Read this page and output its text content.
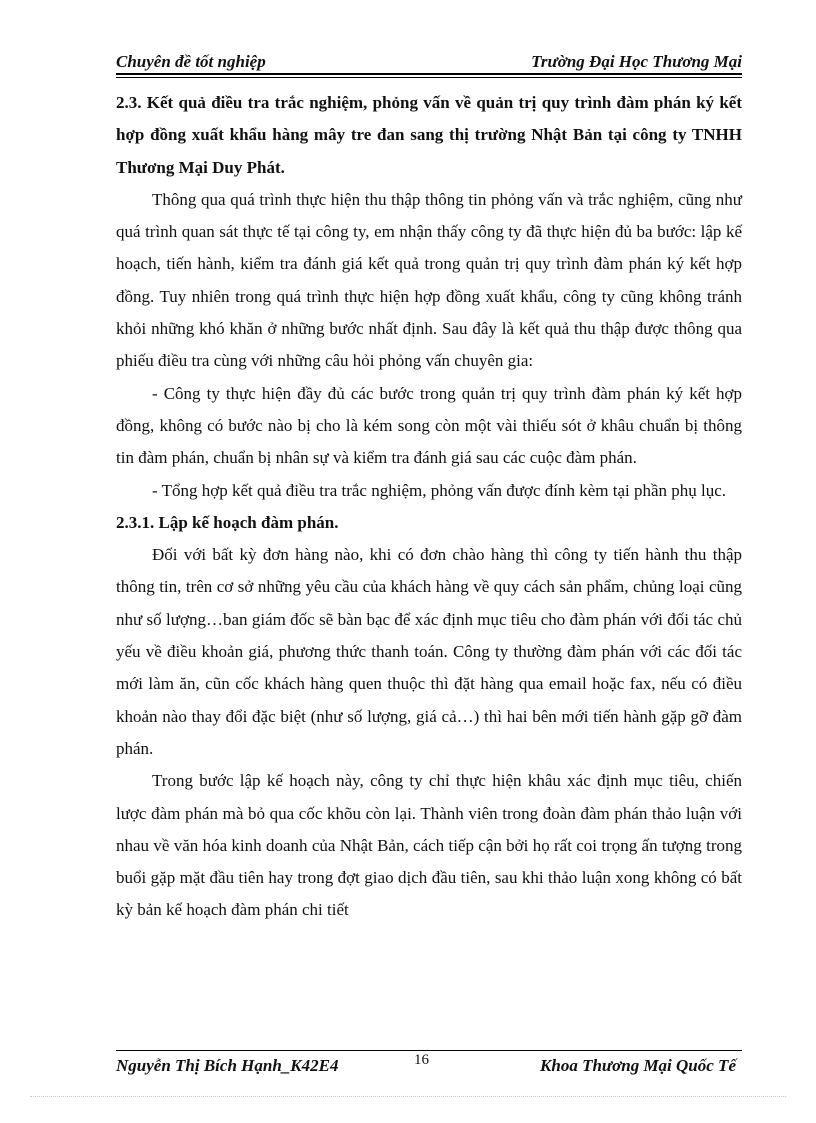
Chuyên đề tốt nghiệp	Trường Đại Học Thương Mại

2.3. Kết quả điều tra trắc nghiệm, phỏng vấn về quản trị quy trình đàm phán ký kết hợp đồng xuất khẩu hàng mây tre đan sang thị trường Nhật Bản tại công ty TNHH Thương Mại Duy Phát.

Thông qua quá trình thực hiện thu thập thông tin phỏng vấn và trắc nghiệm, cũng như quá trình quan sát thực tế tại công ty, em nhận thấy công ty đã thực hiện đủ ba bước: lập kế hoạch, tiến hành, kiểm tra đánh giá kết quả trong quản trị quy trình đàm phán ký kết hợp đồng. Tuy nhiên trong quá trình thực hiện hợp đồng xuất khẩu, công ty cũng không tránh khỏi những khó khăn ở những bước nhất định. Sau đây là kết quả thu thập được thông qua phiếu điều tra cùng với những câu hỏi phỏng vấn chuyên gia:

- Công ty thực hiện đầy đủ các bước trong quản trị quy trình đàm phán ký kết hợp đồng, không có bước nào bị cho là kém song còn một vài thiếu sót ở khâu chuẩn bị thông tin đàm phán, chuẩn bị nhân sự và kiểm tra đánh giá sau các cuộc đàm phán.

- Tổng hợp kết quả điều tra trắc nghiệm, phỏng vấn được đính kèm tại phần phụ lục.

2.3.1. Lập kế hoạch đàm phán.

Đối với bất kỳ đơn hàng nào, khi có đơn chào hàng thì công ty tiến hành thu thập thông tin, trên cơ sở những yêu cầu của khách hàng về quy cách sản phẩm, chủng loại cũng như số lượng…ban giám đốc sẽ bàn bạc để xác định mục tiêu cho đàm phán với đối tác chủ yếu về điều khoản giá, phương thức thanh toán. Công ty thường đàm phán với các đối tác mới làm ăn, cũn cốc khách hàng quen thuộc thì đặt hàng qua email hoặc fax, nếu có điều khoản nào thay đổi đặc biệt (như số lượng, giá cả…) thì hai bên mới tiến hành gặp gỡ đàm phán.

Trong bước lập kế hoạch này, công ty chỉ thực hiện khâu xác định mục tiêu, chiến lược đàm phán mà bỏ qua cốc khõu còn lại. Thành viên trong đoàn đàm phán thảo luận với nhau về văn hóa kinh doanh của Nhật Bản, cách tiếp cận bởi họ rất coi trọng ấn tượng trong buổi gặp mặt đầu tiên hay trong đợt giao dịch đầu tiên, sau khi thảo luận xong không có bất kỳ bản kế hoạch đàm phán chi tiết

Nguyễn Thị Bích Hạnh_K42E4	16	Khoa Thương Mại Quốc Tế
